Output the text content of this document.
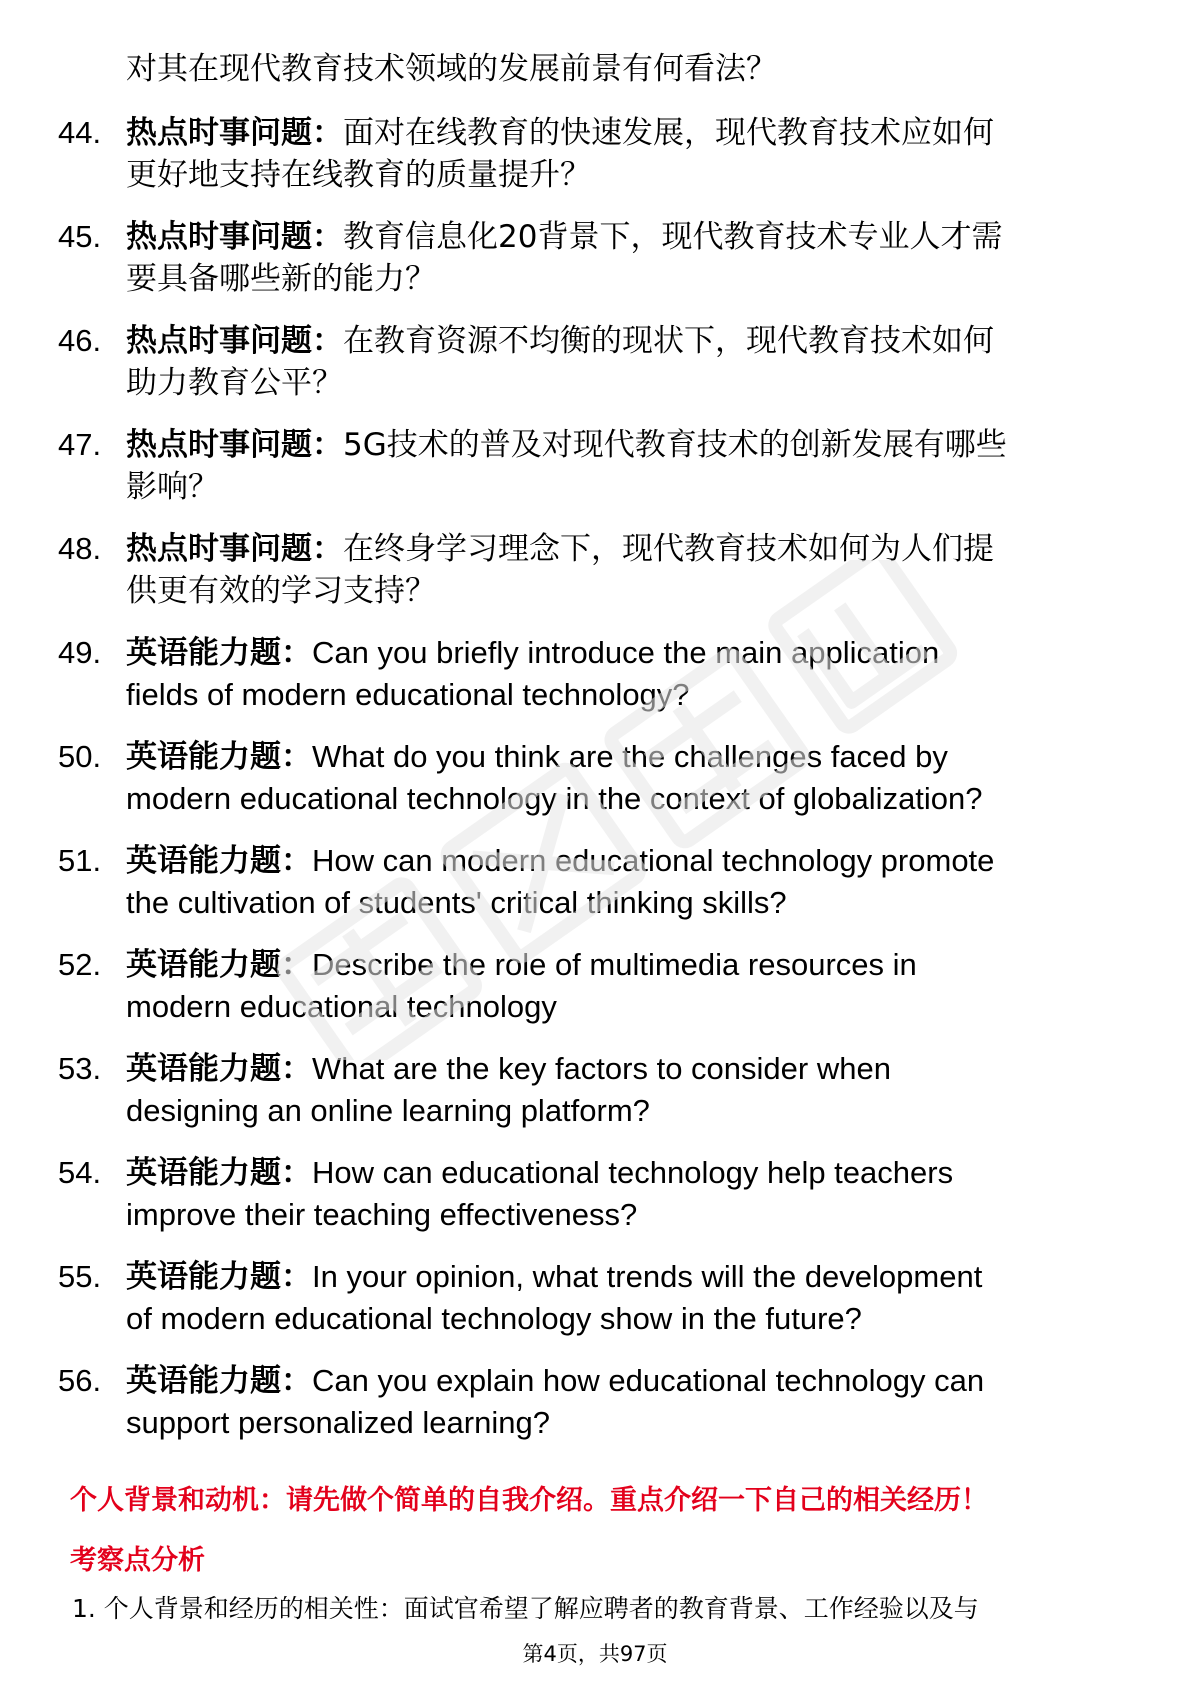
对其在现代教育技术领域的发展前景有何看法？
44. 热点时事问题：面对在线教育的快速发展，现代教育技术应如何
更好地支持在线教育的质量提升？
45. 热点时事问题：教育信息化20背景下，现代教育技术专业人才需
要具备哪些新的能力？
46. 热点时事问题：在教育资源不均衡的现状下，现代教育技术如何
助力教育公平？
47. 热点时事问题：5G技术的普及对现代教育技术的创新发展有哪些
影响？
48. 热点时事问题：在终身学习理念下，现代教育技术如何为人们提
供更有效的学习支持？
49. 英语能力题：Can you briefly introduce the main application
fields of modern educational technology?
50. 英语能力题：What do you think are the challenges faced by
modern educational technology in the context of globalization?
51. 英语能力题：How can modern educational technology promote
the cultivation of students' critical thinking skills?
52. 英语能力题：Describe the role of multimedia resources in
modern educational technology
53. 英语能力题：What are the key factors to consider when
designing an online learning platform?
54. 英语能力题：How can educational technology help teachers
improve their teaching effectiveness?
55. 英语能力题：In your opinion, what trends will the development
of modern educational technology show in the future?
56. 英语能力题：Can you explain how educational technology can
support personalized learning?
个人背景和动机：请先做个简单的自我介绍。重点介绍一下自己的相关经历！
考察点分析
1. 个人背景和经历的相关性：面试官希望了解应聘者的教育背景、工作经验以及与
第4页，共97页
